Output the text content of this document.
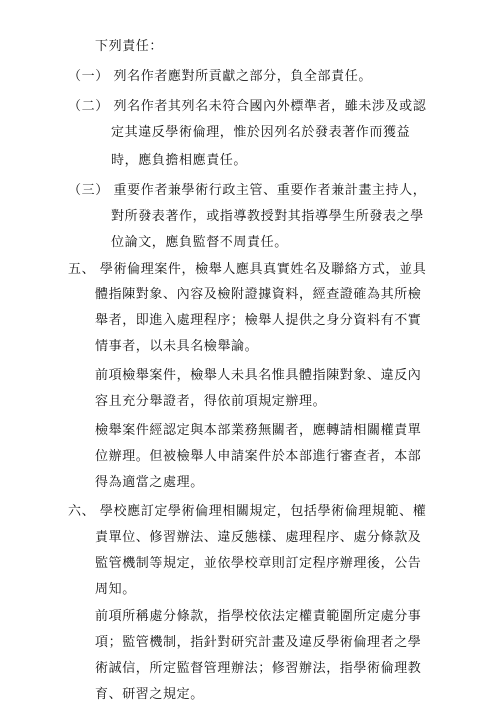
下列責任：
（一） 列名作者應對所貢獻之部分，負全部責任。
（二） 列名作者其列名未符合國內外標準者，雖未涉及或認
定其違反學術倫理，惟於因列名於發表著作而獲益
時，應負擔相應責任。
（三） 重要作者兼學術行政主管、重要作者兼計畫主持人，
對所發表著作，或指導教授對其指導學生所發表之學
位論文，應負監督不周責任。
五、 學術倫理案件，檢舉人應具真實姓名及聯絡方式，並具
體指陳對象、內容及檢附證據資料，經查證確為其所檢
舉者，即進入處理程序；檢舉人提供之身分資料有不實
情事者，以未具名檢舉論。
前項檢舉案件，檢舉人未具名惟具體指陳對象、違反內
容且充分舉證者，得依前項規定辦理。
檢舉案件經認定與本部業務無關者，應轉請相關權責單
位辦理。但被檢舉人申請案件於本部進行審查者，本部
得為適當之處理。
六、 學校應訂定學術倫理相關規定，包括學術倫理規範、權
責單位、修習辦法、違反態樣、處理程序、處分條款及
監管機制等規定，並依學校章則訂定程序辦理後，公告
周知。
前項所稱處分條款，指學校依法定權責範圍所定處分事
項；監管機制，指針對研究計畫及違反學術倫理者之學
術誠信，所定監督管理辦法；修習辦法，指學術倫理教
育、研習之規定。
